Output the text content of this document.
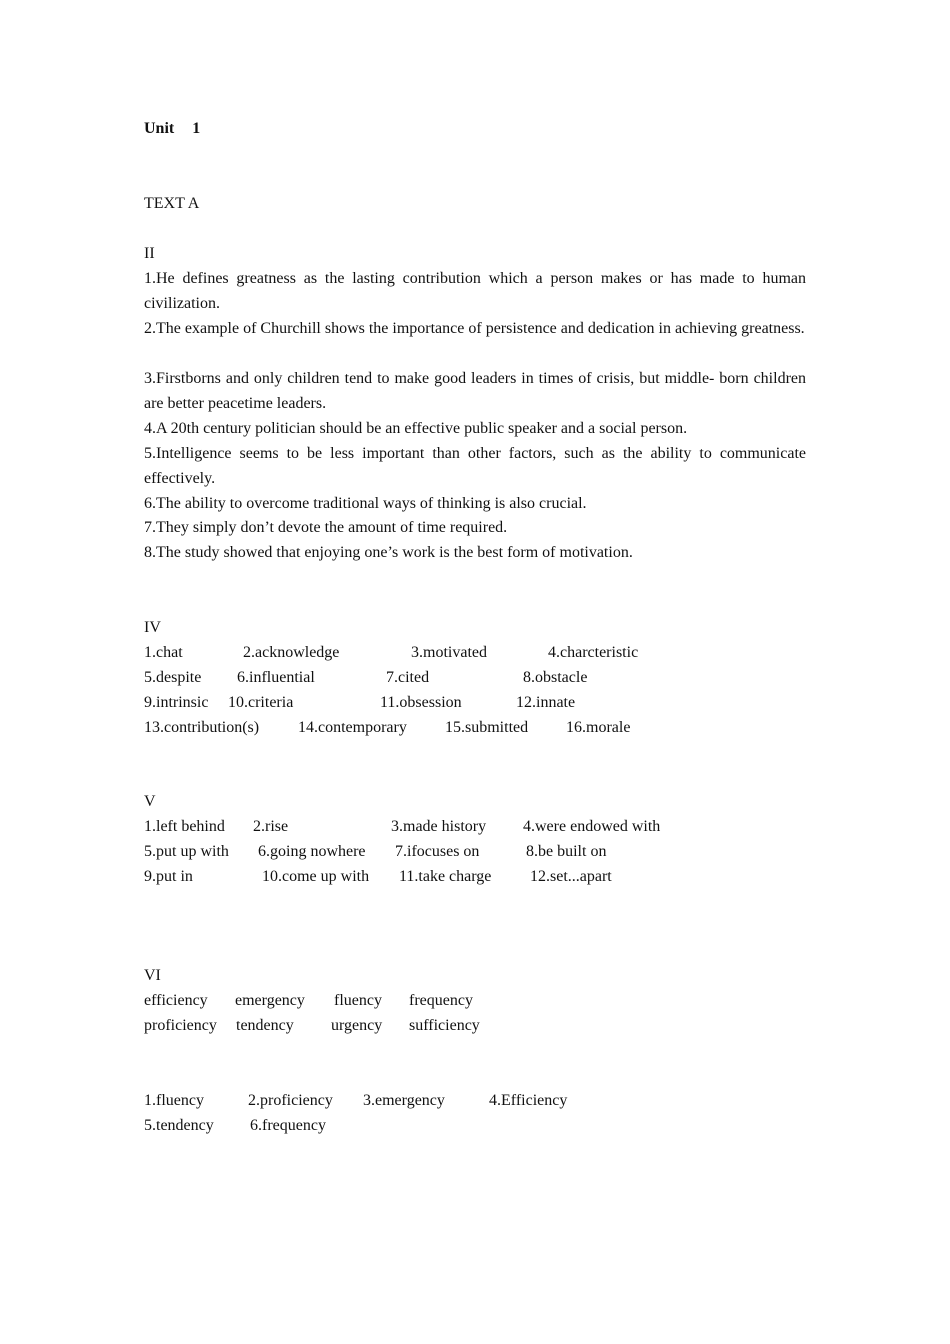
Unit 1
TEXT A
II
1.He defines greatness as the lasting contribution which a person makes or has made to human civilization.
2.The example of Churchill shows the importance of persistence and dedication in achieving greatness.
3.Firstborns and only children tend to make good leaders in times of crisis, but middle- born children are better peacetime leaders.
4.A 20th century politician should be an effective public speaker and a social person.
5.Intelligence seems to be less important than other factors, such as the ability to communicate effectively.
6.The ability to overcome traditional ways of thinking is also crucial.
7.They simply don’t devote the amount of time required.
8.The study showed that enjoying one’s work is the best form of motivation.
IV
1.chat	2.acknowledge	3.motivated	4.charcteristic
5.despite 6.influential	7.cited	8.obstacle
9.intrinsic 10.criteria	11.obsession	12.innate
13.contribution(s) 14.contemporary 15.submitted 16.morale
V
1.left behind 2.rise	3.made history 4.were endowed with
5.put up with 6.going nowhere 7.ifocuses on	8.be built on
9.put in	10.come up with 11.take charge 12.set...apart
VI
efficiency emergency fluency frequency
proficiency tendency urgency sufficiency
1.fluency	2.proficiency 3.emergency	4.Efficiency
5.tendency 6.frequency
